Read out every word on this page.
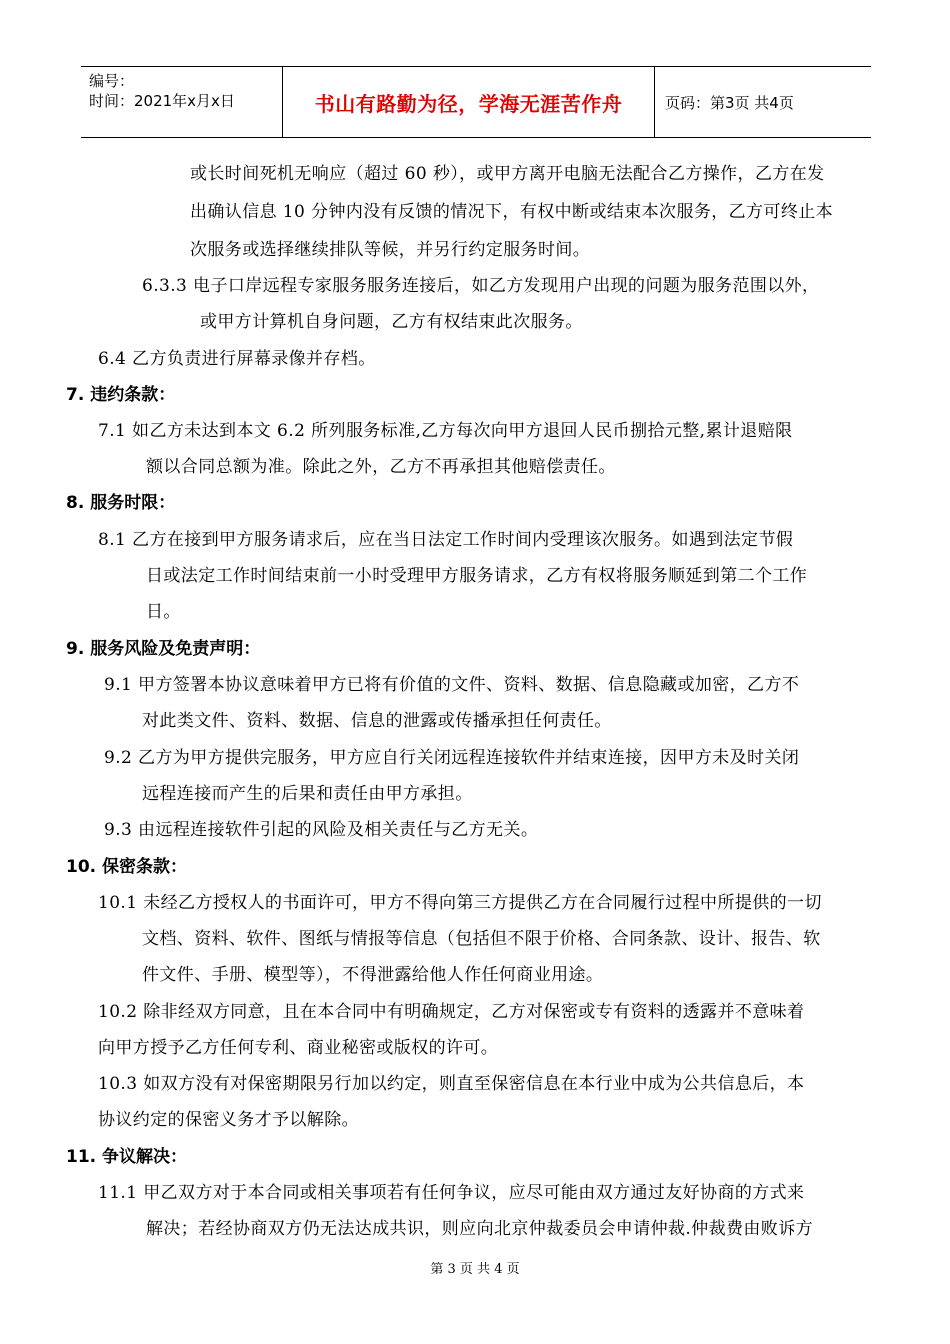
编号：
时间：2021年x月x日	书山有路勤为径，学海无涯苦作舟	页码：第3页 共4页
或长时间死机无响应（超过 60 秒），或甲方离开电脑无法配合乙方操作，乙方在发
出确认信息 10 分钟内没有反馈的情况下，有权中断或结束本次服务，乙方可终止本
次服务或选择继续排队等候，并另行约定服务时间。
6.3.3 电子口岸远程专家服务服务连接后，如乙方发现用户出现的问题为服务范围以外，
或甲方计算机自身问题，乙方有权结束此次服务。
6.4 乙方负责进行屏幕录像并存档。
7. 违约条款：
7.1 如乙方未达到本文 6.2 所列服务标准,乙方每次向甲方退回人民币捌拾元整,累计退赔限
额以合同总额为准。除此之外，乙方不再承担其他赔偿责任。
8. 服务时限：
8.1 乙方在接到甲方服务请求后，应在当日法定工作时间内受理该次服务。如遇到法定节假
日或法定工作时间结束前一小时受理甲方服务请求，乙方有权将服务顺延到第二个工作
日。
9. 服务风险及免责声明：
9.1 甲方签署本协议意味着甲方已将有价值的文件、资料、数据、信息隐藏或加密，乙方不
对此类文件、资料、数据、信息的泄露或传播承担任何责任。
9.2 乙方为甲方提供完服务，甲方应自行关闭远程连接软件并结束连接，因甲方未及时关闭
远程连接而产生的后果和责任由甲方承担。
9.3 由远程连接软件引起的风险及相关责任与乙方无关。
10. 保密条款：
10.1 未经乙方授权人的书面许可，甲方不得向第三方提供乙方在合同履行过程中所提供的一切
文档、资料、软件、图纸与情报等信息（包括但不限于价格、合同条款、设计、报告、软
件文件、手册、模型等），不得泄露给他人作任何商业用途。
10.2 除非经双方同意，且在本合同中有明确规定，乙方对保密或专有资料的透露并不意味着
向甲方授予乙方任何专利、商业秘密或版权的许可。
10.3 如双方没有对保密期限另行加以约定，则直至保密信息在本行业中成为公共信息后，本
协议约定的保密义务才予以解除。
11. 争议解决：
11.1 甲乙双方对于本合同或相关事项若有任何争议，应尽可能由双方通过友好协商的方式来
解决；若经协商双方仍无法达成共识，则应向北京仲裁委员会申请仲裁.仲裁费由败诉方
第 3 页 共 4 页
